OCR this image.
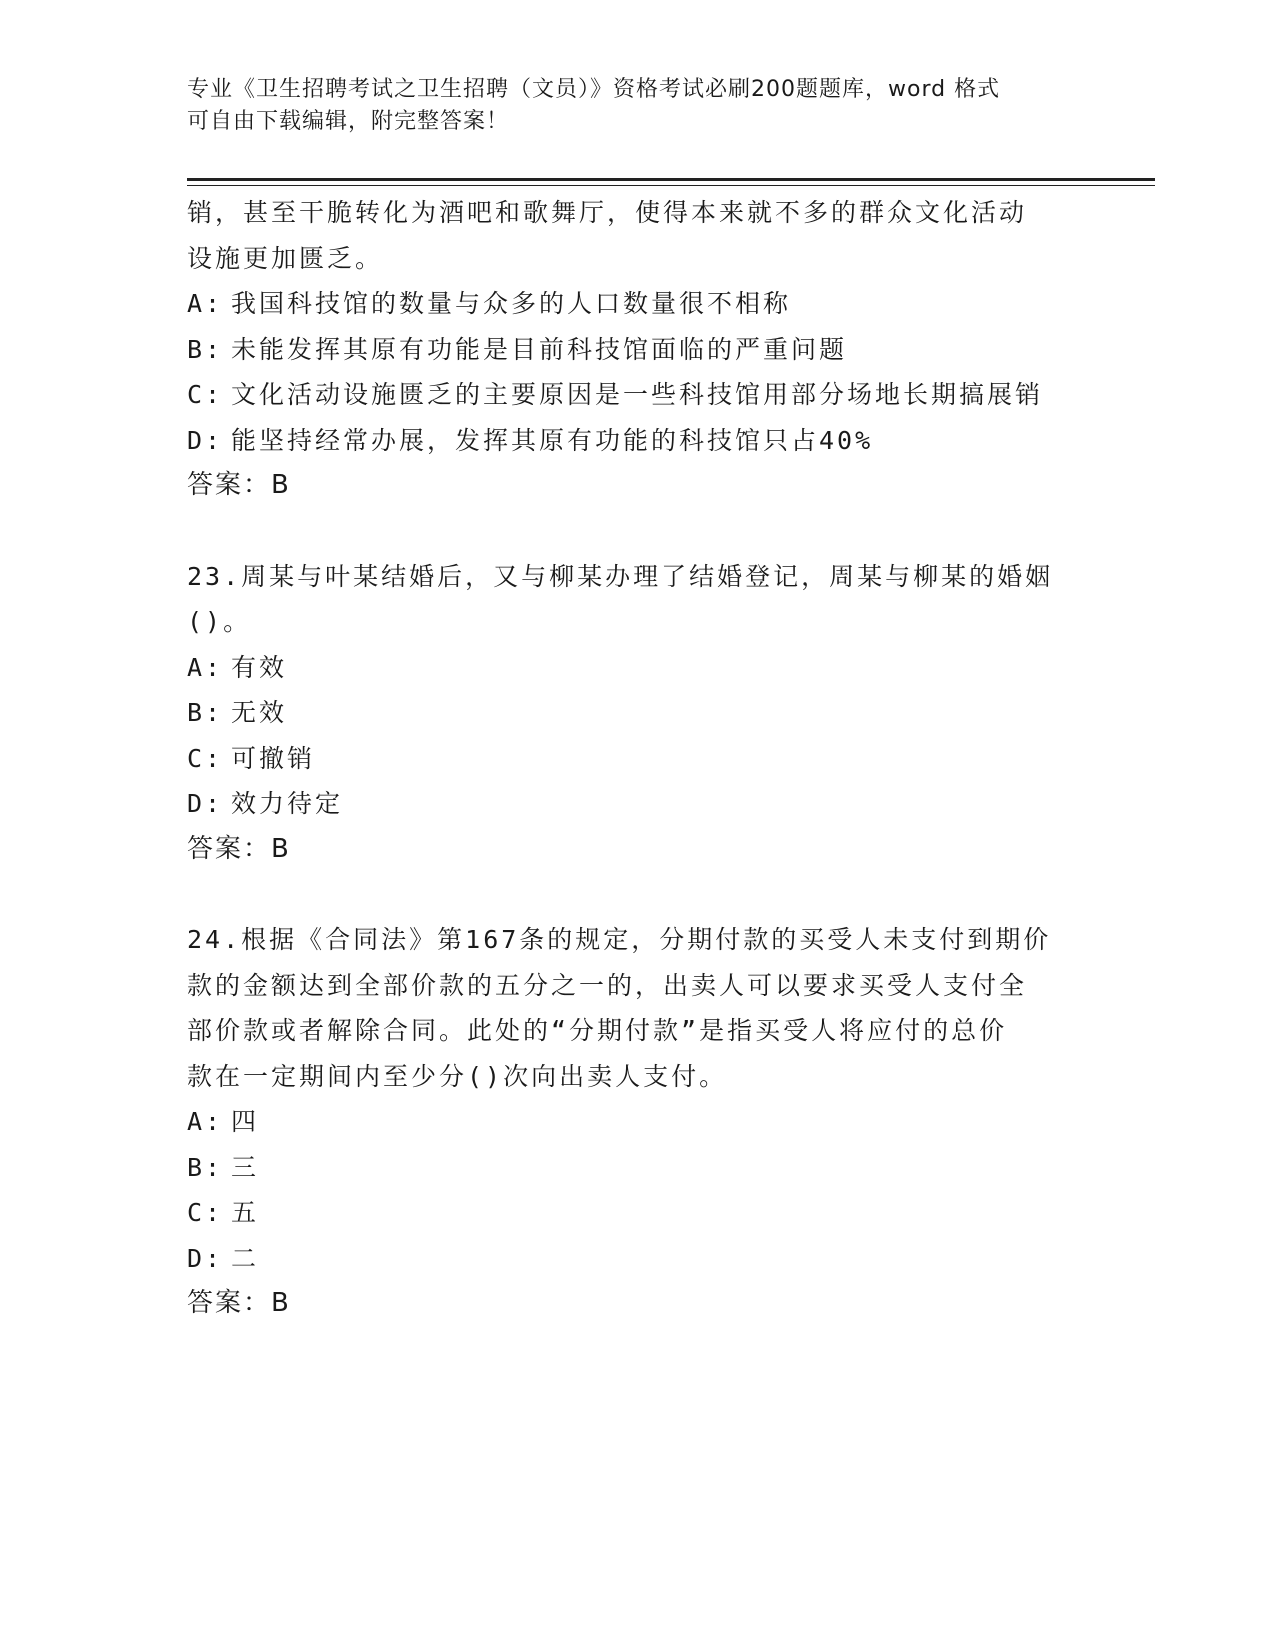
专业《卫生招聘考试之卫生招聘（文员）》资格考试必刷200题题库，word 格式
可自由下载编辑，附完整答案！
销，甚至干脆转化为酒吧和歌舞厅，使得本来就不多的群众文化活动
设施更加匮乏。
A: 我国科技馆的数量与众多的人口数量很不相称
B: 未能发挥其原有功能是目前科技馆面临的严重问题
C: 文化活动设施匮乏的主要原因是一些科技馆用部分场地长期搞展销
D: 能坚持经常办展，发挥其原有功能的科技馆只占40%
答案：B
23.周某与叶某结婚后，又与柳某办理了结婚登记，周某与柳某的婚姻
()。
A: 有效
B: 无效
C: 可撤销
D: 效力待定
答案：B
24.根据《合同法》第167条的规定，分期付款的买受人未支付到期价
款的金额达到全部价款的五分之一的，出卖人可以要求买受人支付全
部价款或者解除合同。此处的“分期付款”是指买受人将应付的总价
款在一定期间内至少分()次向出卖人支付。
A: 四
B: 三
C: 五
D: 二
答案：B
